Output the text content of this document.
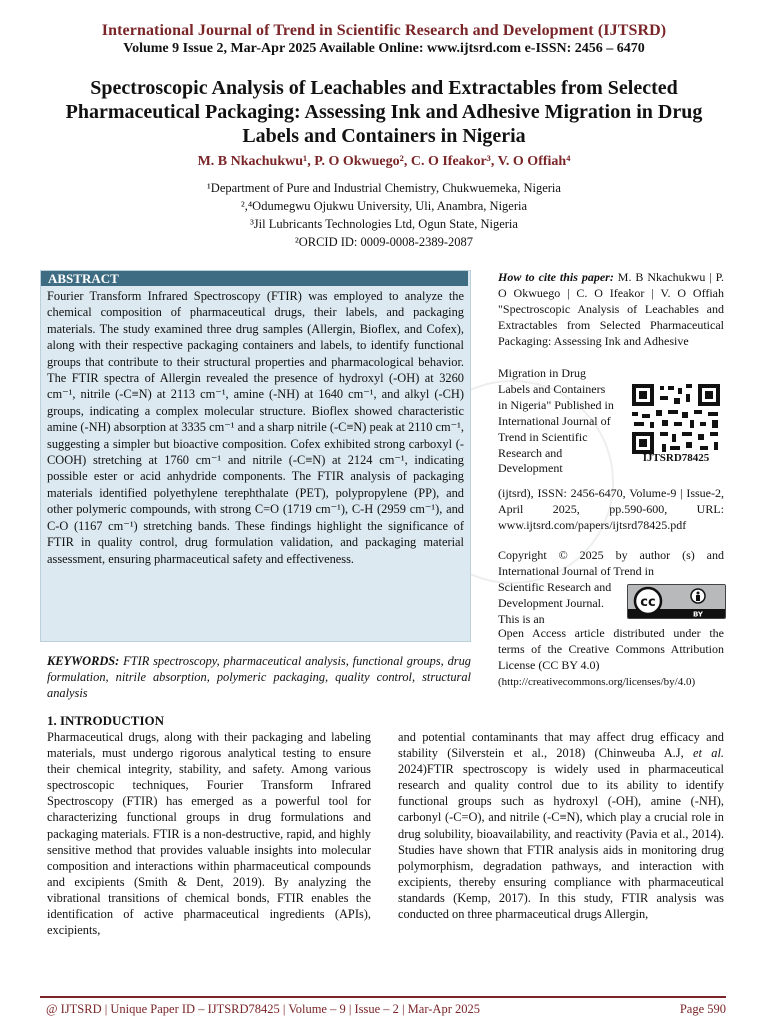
International Journal of Trend in Scientific Research and Development (IJTSRD)
Volume 9 Issue 2, Mar-Apr 2025 Available Online: www.ijtsrd.com e-ISSN: 2456 – 6470
Spectroscopic Analysis of Leachables and Extractables from Selected Pharmaceutical Packaging: Assessing Ink and Adhesive Migration in Drug Labels and Containers in Nigeria
M. B Nkachukwu¹, P. O Okwuego², C. O Ifeakor³, V. O Offiah⁴
¹Department of Pure and Industrial Chemistry, Chukwuemeka, Nigeria
²,⁴Odumegwu Ojukwu University, Uli, Anambra, Nigeria
³Jil Lubricants Technologies Ltd, Ogun State, Nigeria
²ORCID ID: 0009-0008-2389-2087
ABSTRACT
Fourier Transform Infrared Spectroscopy (FTIR) was employed to analyze the chemical composition of pharmaceutical drugs, their labels, and packaging materials. The study examined three drug samples (Allergin, Bioflex, and Cofex), along with their respective packaging containers and labels, to identify functional groups that contribute to their structural properties and pharmacological behavior. The FTIR spectra of Allergin revealed the presence of hydroxyl (-OH) at 3260 cm⁻¹, nitrile (-C≡N) at 2113 cm⁻¹, amine (-NH) at 1640 cm⁻¹, and alkyl (-CH) groups, indicating a complex molecular structure. Bioflex showed characteristic amine (-NH) absorption at 3335 cm⁻¹ and a sharp nitrile (-C≡N) peak at 2110 cm⁻¹, suggesting a simpler but bioactive composition. Cofex exhibited strong carboxyl (-COOH) stretching at 1760 cm⁻¹ and nitrile (-C≡N) at 2124 cm⁻¹, indicating possible ester or acid anhydride components. The FTIR analysis of packaging materials identified polyethylene terephthalate (PET), polypropylene (PP), and other polymeric compounds, with strong C=O (1719 cm⁻¹), C-H (2959 cm⁻¹), and C-O (1167 cm⁻¹) stretching bands. These findings highlight the significance of FTIR in quality control, drug formulation validation, and packaging material assessment, ensuring pharmaceutical safety and effectiveness.
KEYWORDS: FTIR spectroscopy, pharmaceutical analysis, functional groups, drug formulation, nitrile absorption, polymeric packaging, quality control, structural analysis
How to cite this paper: M. B Nkachukwu | P. O Okwuego | C. O Ifeakor | V. O Offiah "Spectroscopic Analysis of Leachables and Extractables from Selected Pharmaceutical Packaging: Assessing Ink and Adhesive
Migration in Drug Labels and Containers in Nigeria" Published in International Journal of Trend in Scientific Research and Development
IJTSRD78425
(ijtsrd), ISSN: 2456-6470, Volume-9 | Issue-2, April 2025, pp.590-600, URL: www.ijtsrd.com/papers/ijtsrd78425.pdf
Copyright © 2025 by author (s) and International Journal of Trend in
Scientific Research and Development Journal. This is an
cc
BY
Open Access article distributed under the terms of the Creative Commons Attribution License (CC BY 4.0)
(http://creativecommons.org/licenses/by/4.0)
1. INTRODUCTION
Pharmaceutical drugs, along with their packaging and labeling materials, must undergo rigorous analytical testing to ensure their chemical integrity, stability, and safety. Among various spectroscopic techniques, Fourier Transform Infrared Spectroscopy (FTIR) has emerged as a powerful tool for characterizing functional groups in drug formulations and packaging materials. FTIR is a non-destructive, rapid, and highly sensitive method that provides valuable insights into molecular composition and interactions within pharmaceutical compounds and excipients (Smith & Dent, 2019). By analyzing the vibrational transitions of chemical bonds, FTIR enables the identification of active pharmaceutical ingredients (APIs), excipients,
and potential contaminants that may affect drug efficacy and stability (Silverstein et al., 2018) (Chinweuba A.J, et al. 2024)FTIR spectroscopy is widely used in pharmaceutical research and quality control due to its ability to identify functional groups such as hydroxyl (-OH), amine (-NH), carbonyl (-C=O), and nitrile (-C≡N), which play a crucial role in drug solubility, bioavailability, and reactivity (Pavia et al., 2014). Studies have shown that FTIR analysis aids in monitoring drug polymorphism, degradation pathways, and interaction with excipients, thereby ensuring compliance with pharmaceutical standards (Kemp, 2017). In this study, FTIR analysis was conducted on three pharmaceutical drugs Allergin,
@ IJTSRD | Unique Paper ID – IJTSRD78425 | Volume – 9 | Issue – 2 | Mar-Apr 2025	Page 590
